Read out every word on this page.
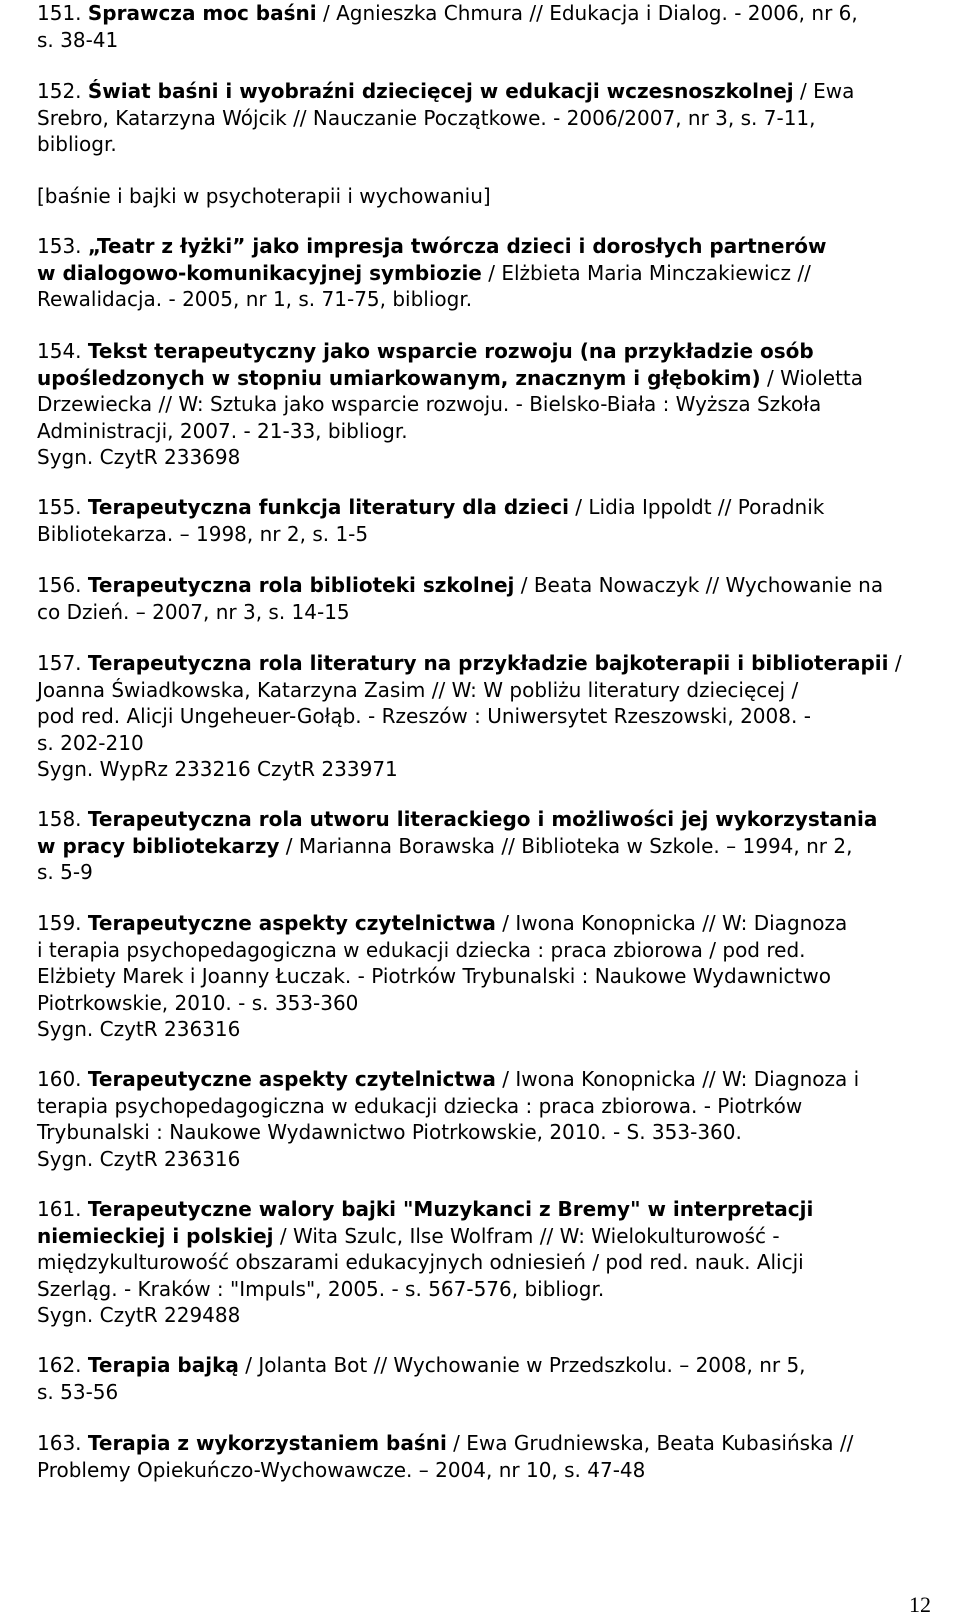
151. Sprawcza moc baśni / Agnieszka Chmura // Edukacja i Dialog. - 2006, nr 6,
s. 38-41
152. Świat baśni i wyobraźni dziecięcej w edukacji wczesnoszkolnej / Ewa
Srebro, Katarzyna Wójcik // Nauczanie Początkowe. - 2006/2007, nr 3, s. 7-11,
bibliogr.
[baśnie i bajki w psychoterapii i wychowaniu]
153. „Teatr z łyżki” jako impresja twórcza dzieci i dorosłych partnerów
w dialogowo-komunikacyjnej symbiozie / Elżbieta Maria Minczakiewicz //
Rewalidacja. - 2005, nr 1, s. 71-75, bibliogr.
154. Tekst terapeutyczny jako wsparcie rozwoju (na przykładzie osób
upośledzonych w stopniu umiarkowanym, znacznym i głębokim) / Wioletta
Drzewiecka // W: Sztuka jako wsparcie rozwoju. - Bielsko-Biała : Wyższa Szkoła
Administracji, 2007. - 21-33, bibliogr.
Sygn. CzytR 233698
155. Terapeutyczna funkcja literatury dla dzieci / Lidia Ippoldt // Poradnik
Bibliotekarza. – 1998, nr 2, s. 1-5
156. Terapeutyczna rola biblioteki szkolnej / Beata Nowaczyk // Wychowanie na
co Dzień. – 2007, nr 3, s. 14-15
157. Terapeutyczna rola literatury na przykładzie bajkoterapii i biblioterapii /
Joanna Świadkowska, Katarzyna Zasim // W: W pobliżu literatury dziecięcej /
pod red. Alicji Ungeheuer-Gołąb. - Rzeszów : Uniwersytet Rzeszowski, 2008. -
s. 202-210
Sygn. WypRz 233216 CzytR 233971
158. Terapeutyczna rola utworu literackiego i możliwości jej wykorzystania
w pracy bibliotekarzy / Marianna Borawska // Biblioteka w Szkole. – 1994, nr 2,
s. 5-9
159. Terapeutyczne aspekty czytelnictwa / Iwona Konopnicka // W: Diagnoza
i terapia psychopedagogiczna w edukacji dziecka : praca zbiorowa / pod red.
Elżbiety Marek i Joanny Łuczak. - Piotrków Trybunalski : Naukowe Wydawnictwo
Piotrkowskie, 2010. - s. 353-360
Sygn. CzytR 236316
160. Terapeutyczne aspekty czytelnictwa / Iwona Konopnicka // W: Diagnoza i
terapia psychopedagogiczna w edukacji dziecka : praca zbiorowa. - Piotrków
Trybunalski : Naukowe Wydawnictwo Piotrkowskie, 2010. - S. 353-360.
Sygn. CzytR 236316
161. Terapeutyczne walory bajki "Muzykanci z Bremy" w interpretacji
niemieckiej i polskiej / Wita Szulc, Ilse Wolfram // W: Wielokulturowość -
międzykulturowość obszarami edukacyjnych odniesień / pod red. nauk. Alicji
Szerląg. - Kraków : "Impuls", 2005. - s. 567-576, bibliogr.
Sygn. CzytR 229488
162. Terapia bajką / Jolanta Bot // Wychowanie w Przedszkolu. – 2008, nr 5,
s. 53-56
163. Terapia z wykorzystaniem baśni / Ewa Grudniewska, Beata Kubasińska //
Problemy Opiekuńczo-Wychowawcze. – 2004, nr 10, s. 47-48
12
